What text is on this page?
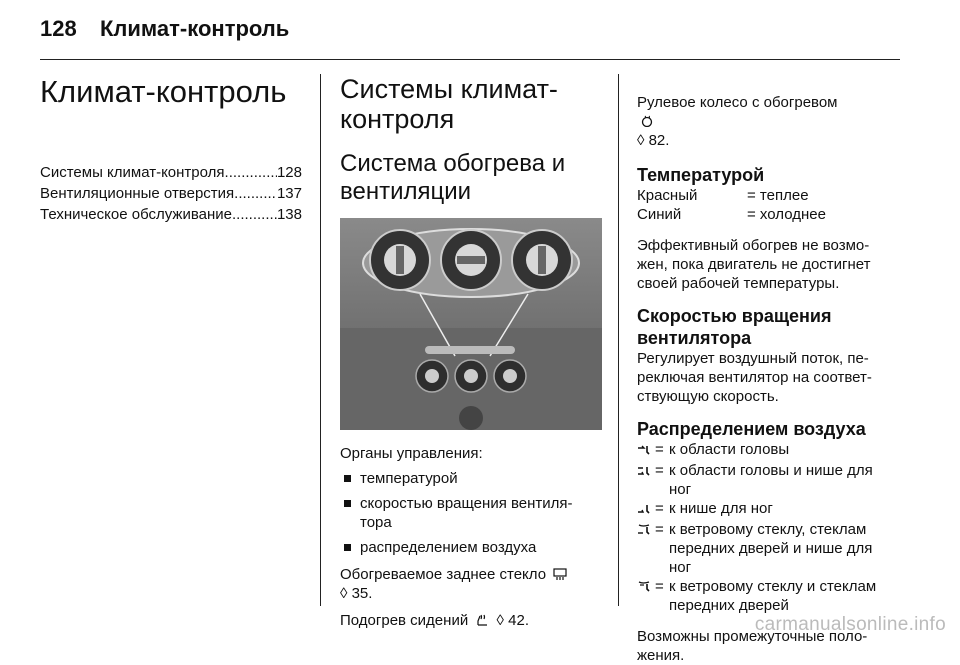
128 Климат-контроль
Климат-контроль
Системы климат-контроля .....	128
Вентиляционные отверстия .....	137
Техническое обслуживание .....	138
Системы климат-
контроля
Система обогрева и вентиляции

Органы управления:

температурой
скоростью вращения вентиля-
тора
распределением воздуха

Обогреваемое заднее стекло

◊ 35.

Подогрев сидений ◊ 42.

Рулевое колесо с обогревом

◊ 82.

Температурой
Красный	= теплее
Синий	= холоднее

Эффективный обогрев не возмо-
жен, пока двигатель не достигнет
своей рабочей температуры.

Скоростью вращения
вентилятора

Регулирует воздушный поток, пе-
реключая вентилятор на соответ-
ствующую скорость.

Распределением воздуха
= к области головы
= к области головы и нише для
ног
= к нише для ног
= к ветровому стеклу, стеклам
передних дверей и нише для
ног
= к ветровому стеклу и стеклам
передних дверей

Возможны промежуточные поло-
жения.

carmanualsonline.info
